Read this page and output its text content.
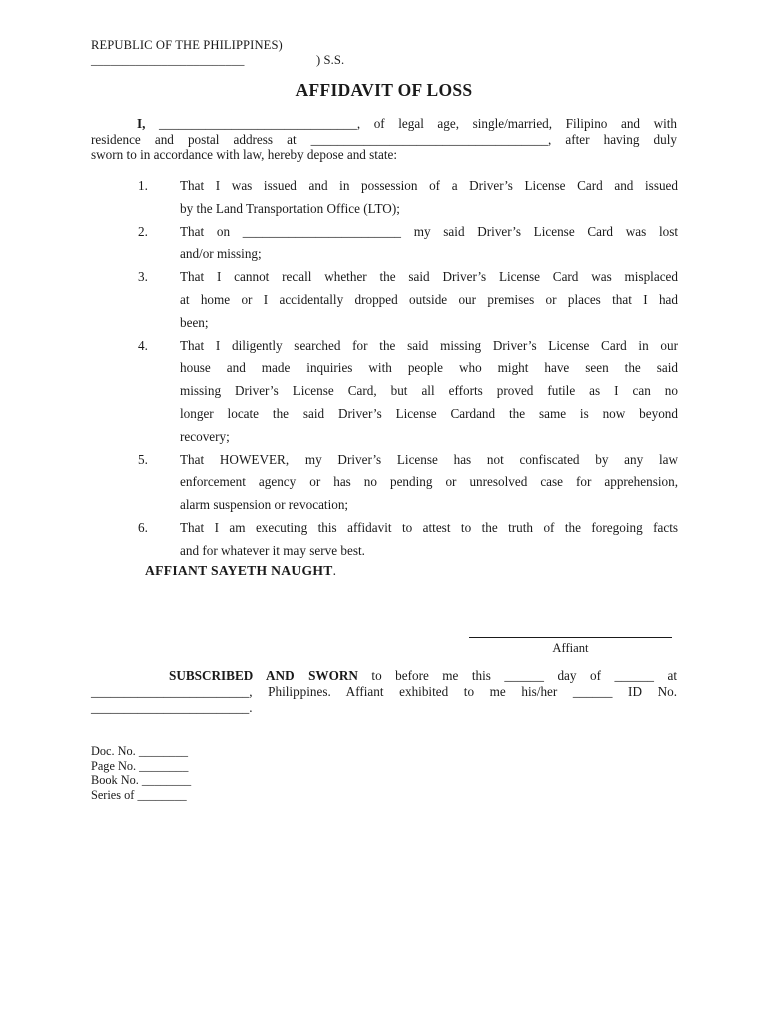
REPUBLIC OF THE PHILIPPINES)
________________________	) S.S.
AFFIDAVIT OF LOSS
I, ______________________________, of legal age, single/married, Filipino and with
residence and postal address at ____________________________________, after having duly
sworn to in accordance with law, hereby depose and state:
1. That I was issued and in possession of a Driver’s License Card and issued
by the Land Transportation Office (LTO);
2. That on ________________________ my said Driver’s License Card was lost
and/or missing;
3. That I cannot recall whether the said Driver’s License Card was misplaced
at home or I accidentally dropped outside our premises or places that I had
been;
4. That I diligently searched for the said missing Driver’s License Card in our
house and made inquiries with people who might have seen the said
missing Driver’s License Card, but all efforts proved futile as I can no
longer locate the said Driver’s License Cardand the same is now beyond
recovery;
5. That HOWEVER, my Driver’s License has not confiscated by any law
enforcement agency or has no pending or unresolved case for apprehension,
alarm suspension or revocation;
6. That I am executing this affidavit to attest to the truth of the foregoing facts
and for whatever it may serve best.
AFFIANT SAYETH NAUGHT.
Affiant
SUBSCRIBED AND SWORN to before me this ______ day of ______ at
________________________, Philippines. Affiant exhibited to me his/her ______ ID No.
________________________.
Doc. No. ________
Page No. ________
Book No. ________
Series of ________
